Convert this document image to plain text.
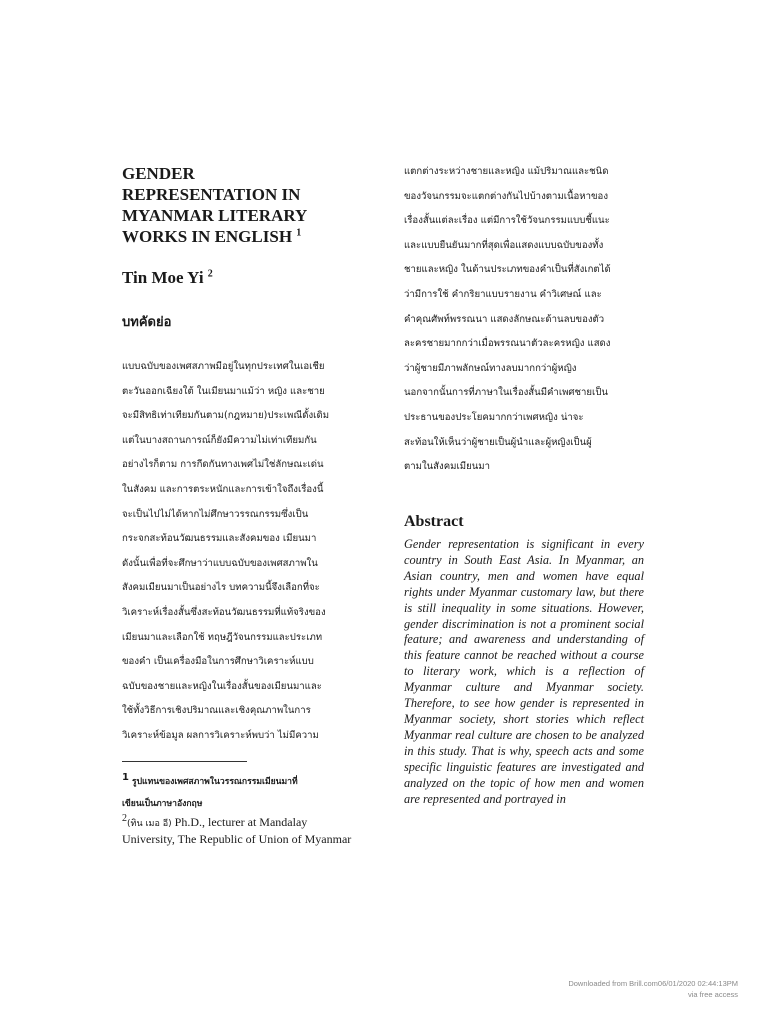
GENDER
REPRESENTATION IN
MYANMAR LITERARY
WORKS IN ENGLISH $^1$
Tin Moe Yi $^2$
บทคัดย่อ
แบบฉบับของเพศสภาพมีอยู่ในทุกประเทศในเอเชีย
ตะวันออกเฉียงใต้ ในเมียนมาแม้ว่า หญิง และชาย
จะมีสิทธิเท่าเทียมกันตาม(กฎหมาย)ประเพณีดั้งเดิม
แต่ในบางสถานการณ์ก็ยังมีความไม่เท่าเทียมกัน
อย่างไรก็ตาม การกีดกันทางเพศไม่ใช่ลักษณะเด่น
ในสังคม และการตระหนักและการเข้าใจถึงเรื่องนี้
จะเป็นไปไม่ได้หากไม่ศึกษาวรรณกรรมซึ่งเป็น
กระจกสะท้อนวัฒนธรรมและสังคมของ เมียนมา
ดังนั้นเพื่อที่จะศึกษาว่าแบบฉบับของเพศสภาพใน
สังคมเมียนมาเป็นอย่างไร บทความนี้จึงเลือกที่จะ
วิเคราะห์เรื่องสั้นซึ่งสะท้อนวัฒนธรรมที่แท้จริงของ
เมียนมาและเลือกใช้ ทฤษฎีวัจนกรรมและประเภท
ของคำ เป็นเครื่องมือในการศึกษาวิเคราะห์แบบ
ฉบับของชายและหญิงในเรื่องสั้นของเมียนมาและ
ใช้ทั้งวิธีการเชิงปริมาณและเชิงคุณภาพในการ
วิเคราะห์ข้อมูล ผลการวิเคราะห์พบว่า ไม่มีความ
$^1$ รูปแทนของเพศสภาพในวรรณกรรมเมียนมาที่
เขียนเป็นภาษาอังกฤษ
$^2$(ทิน เมอ อี) Ph.D., lecturer at Mandalay University, The Republic of Union of Myanmar
แตกต่างระหว่างชายและหญิง แม้ปริมาณและชนิด
ของวัจนกรรมจะแตกต่างกันไปบ้างตามเนื้อหาของ
เรื่องสั้นแต่ละเรื่อง แต่มีการใช้วัจนกรรมแบบชี้แนะ
และแบบยืนยันมากที่สุดเพื่อแสดงแบบฉบับของทั้ง
ชายและหญิง ในด้านประเภทของคำเป็นที่สังเกตได้
ว่ามีการใช้ คำกริยาแบบรายงาน คำวิเศษณ์ และ
คำคุณศัพท์พรรณนา แสดงลักษณะด้านลบของตัว
ละครชายมากกว่าเมื่อพรรณนาตัวละครหญิง แสดง
ว่าผู้ชายมีภาพลักษณ์ทางลบมากกว่าผู้หญิง
นอกจากนั้นการที่ภาษาในเรื่องสั้นมีคำเพศชายเป็น
ประธานของประโยคมากกว่าเพศหญิง น่าจะ
สะท้อนให้เห็นว่าผู้ชายเป็นผู้นำและผู้หญิงเป็นผู้
ตามในสังคมเมียนมา
Abstract

Gender representation is significant in every country in South East Asia. In Myanmar, an Asian country, men and women have equal rights under Myanmar customary law, but there is still inequality in some situations. However, gender discrimination is not a prominent social feature; and awareness and understanding of this feature cannot be reached without a course to literary work, which is a reflection of Myanmar culture and Myanmar society. Therefore, to see how gender is represented in Myanmar society, short stories which reflect Myanmar real culture are chosen to be analyzed in this study. That is why, speech acts and some specific linguistic features are investigated and analyzed on the topic of how men and women are represented and portrayed in

Downloaded from Brill.com06/01/2020 02:44:13PM
via free access
